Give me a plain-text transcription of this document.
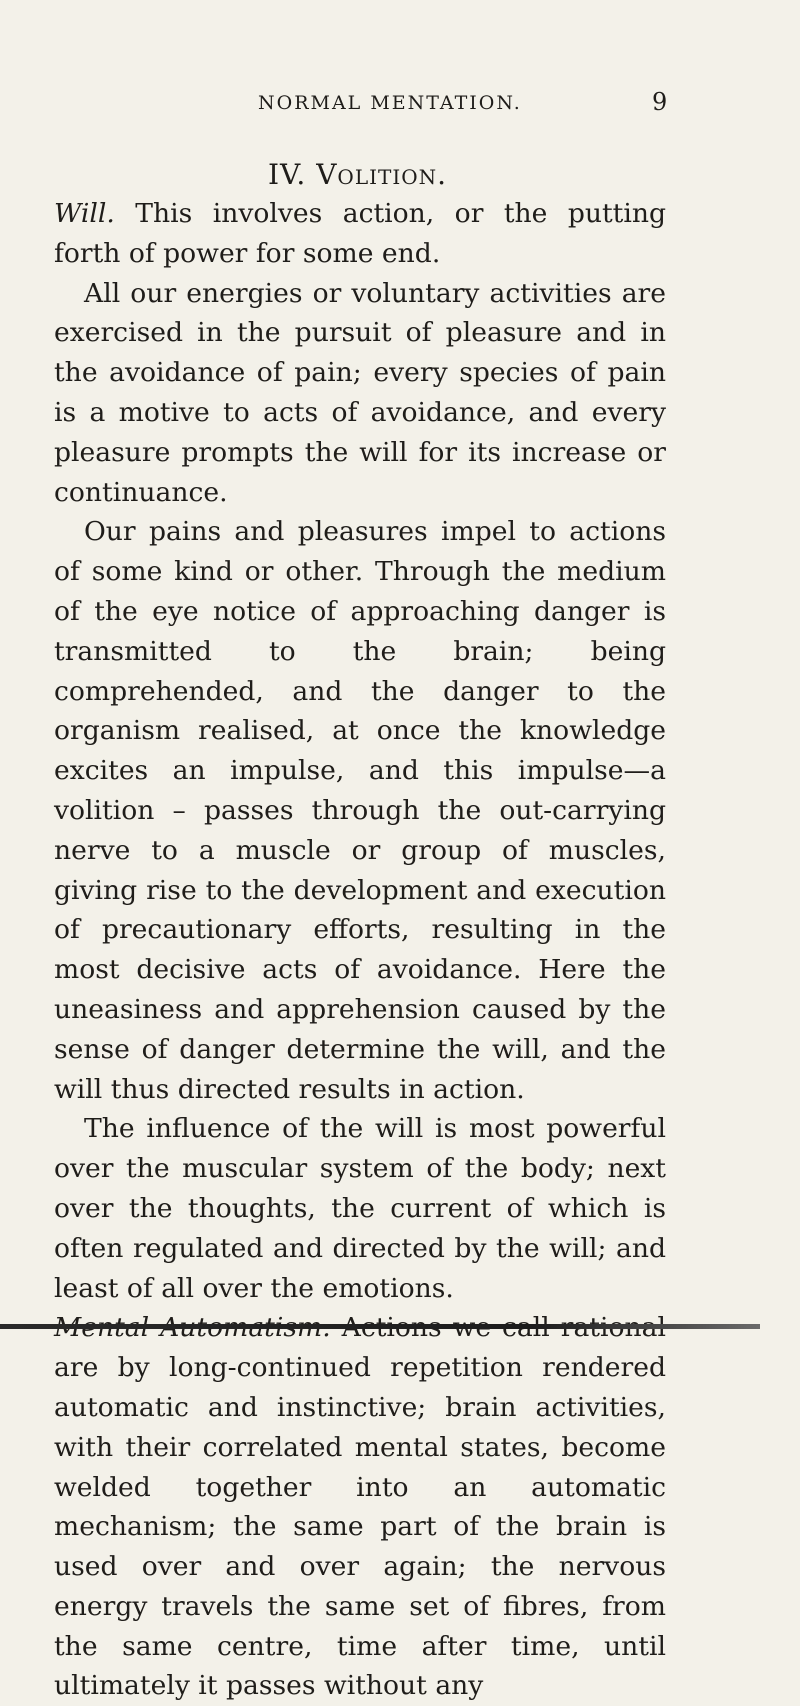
NORMAL MENTATION.	9
IV. Volition.

Will. This involves action, or the putting forth of power for some end.

All our energies or voluntary activities are exercised in the pursuit of pleasure and in the avoidance of pain; every species of pain is a motive to acts of avoidance, and every pleasure prompts the will for its increase or continuance.

Our pains and pleasures impel to actions of some kind or other. Through the medium of the eye notice of approaching danger is transmitted to the brain; being comprehended, and the danger to the organism realised, at once the knowledge excites an impulse, and this impulse—a volition – passes through the out-carrying nerve to a muscle or group of muscles, giving rise to the development and execution of precautionary efforts, resulting in the most decisive acts of avoidance. Here the uneasiness and apprehension caused by the sense of danger determine the will, and the will thus directed results in action.

The influence of the will is most powerful over the muscular system of the body; next over the thoughts, the current of which is often regulated and directed by the will; and least of all over the emotions.

are by long-continued repetition rendered automatic and instinctive; brain activities, with their correlated mental states, become welded together into an automatic mechanism; the same part of the brain is used over and over again; the nervous energy travels the same set of fibres, from the same centre, time after time, until ultimately it passes without any
